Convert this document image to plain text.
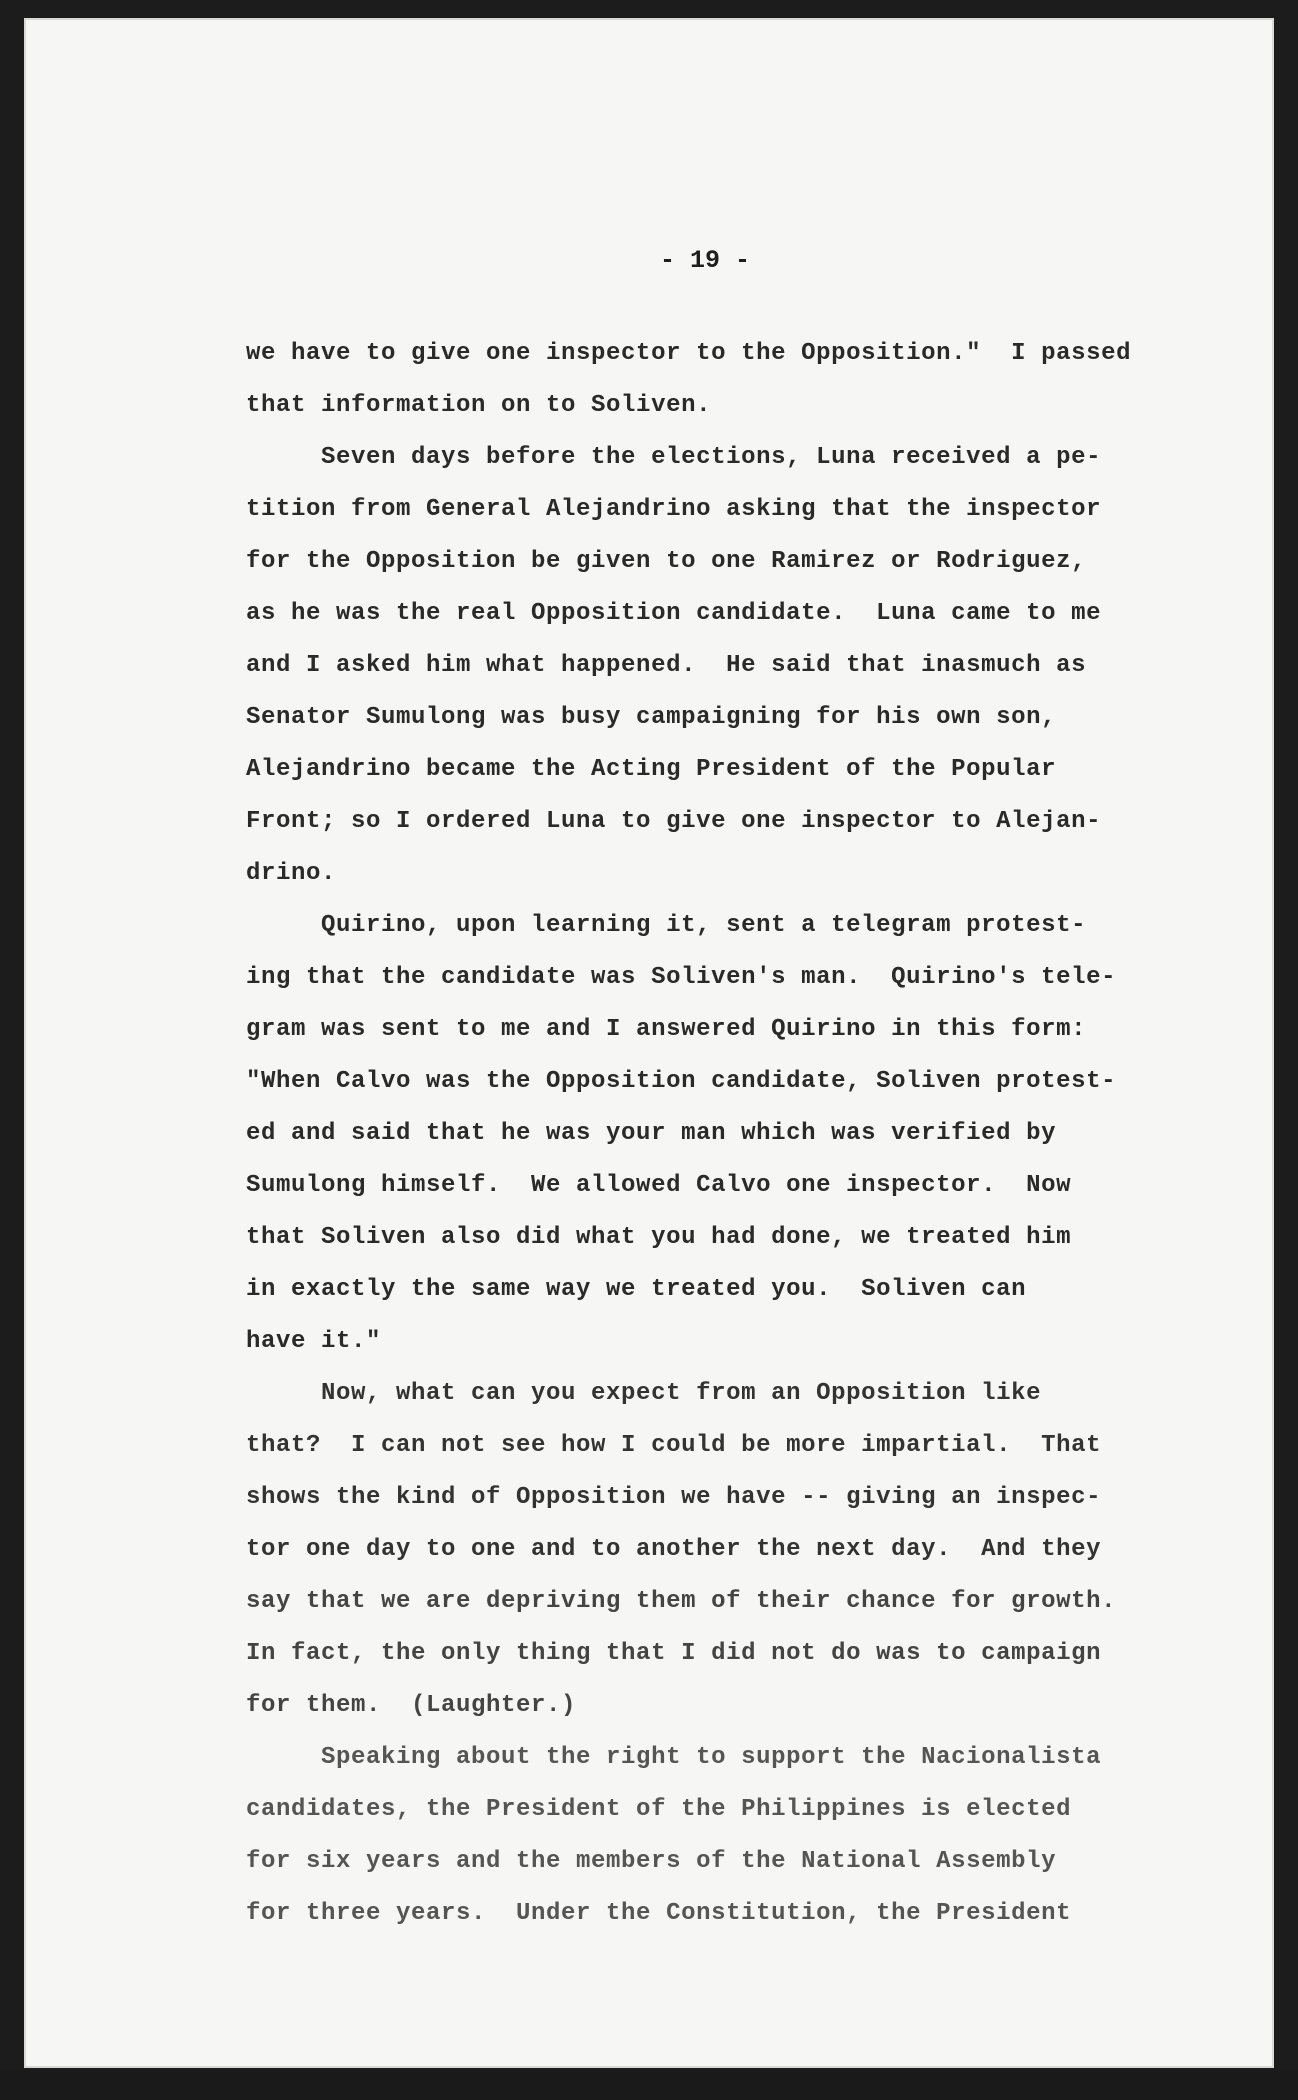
- 19 -
we have to give one inspector to the Opposition."  I passed
that information on to Soliven.
Seven days before the elections, Luna received a pe-
tition from General Alejandrino asking that the inspector
for the Opposition be given to one Ramirez or Rodriguez,
as he was the real Opposition candidate.  Luna came to me
and I asked him what happened.  He said that inasmuch as
Senator Sumulong was busy campaigning for his own son,
Alejandrino became the Acting President of the Popular
Front; so I ordered Luna to give one inspector to Alejan-
drino.
Quirino, upon learning it, sent a telegram protest-
ing that the candidate was Soliven's man.  Quirino's tele-
gram was sent to me and I answered Quirino in this form:
"When Calvo was the Opposition candidate, Soliven protest-
ed and said that he was your man which was verified by
Sumulong himself.  We allowed Calvo one inspector.  Now
that Soliven also did what you had done, we treated him
in exactly the same way we treated you.  Soliven can
have it."
Now, what can you expect from an Opposition like
that?  I can not see how I could be more impartial.  That
shows the kind of Opposition we have -- giving an inspec-
tor one day to one and to another the next day.  And they
say that we are depriving them of their chance for growth.
In fact, the only thing that I did not do was to campaign
for them.  (Laughter.)
Speaking about the right to support the Nacionalista
candidates, the President of the Philippines is elected
for six years and the members of the National Assembly
for three years.  Under the Constitution, the President
